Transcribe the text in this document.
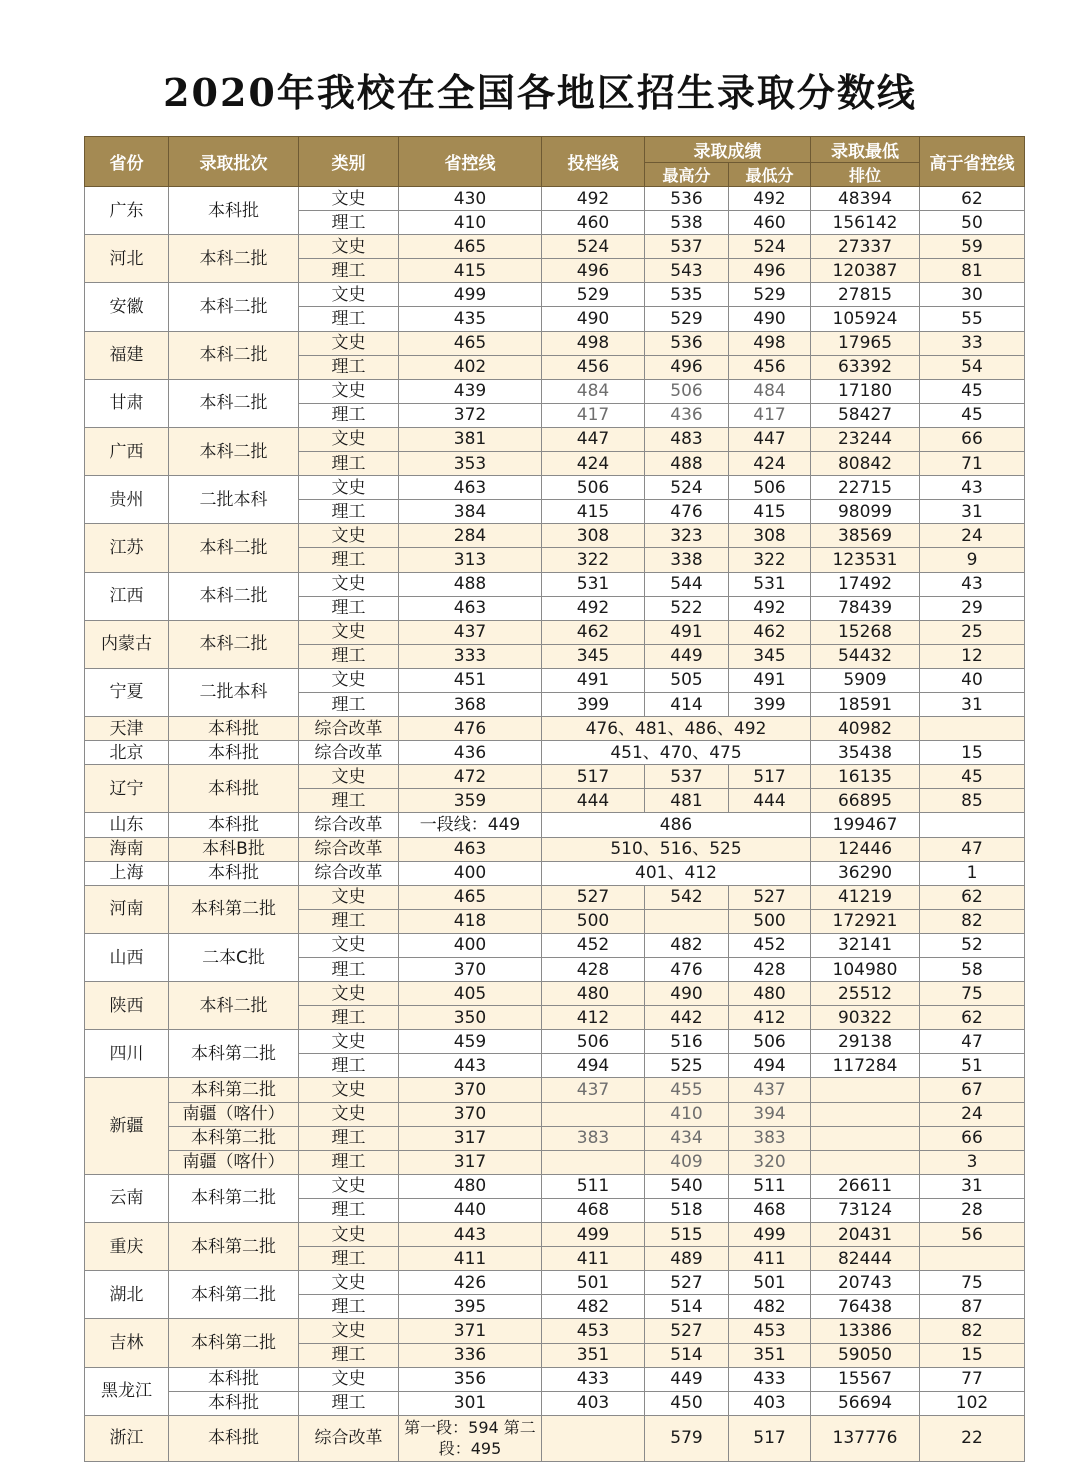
2020年我校在全国各地区招生录取分数线
省份	录取批次	类别	省控线	投档线	录取成绩		录取最低	高于省控线
					最高分	最低分	排位	
广东	本科批	文史	430	492	536	492	48394	62
		理工	410	460	538	460	156142	50
河北	本科二批	文史	465	524	537	524	27337	59
		理工	415	496	543	496	120387	81
安徽	本科二批	文史	499	529	535	529	27815	30
		理工	435	490	529	490	105924	55
福建	本科二批	文史	465	498	536	498	17965	33
		理工	402	456	496	456	63392	54
甘肃	本科二批	文史	439	484	506	484	17180	45
		理工	372	417	436	417	58427	45
广西	本科二批	文史	381	447	483	447	23244	66
		理工	353	424	488	424	80842	71
贵州	二批本科	文史	463	506	524	506	22715	43
		理工	384	415	476	415	98099	31
江苏	本科二批	文史	284	308	323	308	38569	24
		理工	313	322	338	322	123531	9
江西	本科二批	文史	488	531	544	531	17492	43
		理工	463	492	522	492	78439	29
内蒙古	本科二批	文史	437	462	491	462	15268	25
		理工	333	345	449	345	54432	12
宁夏	二批本科	文史	451	491	505	491	5909	40
		理工	368	399	414	399	18591	31
天津	本科批	综合改革	476	476、481、486、492			40982	
北京	本科批	综合改革	436	451、470、475			35438	15
辽宁	本科批	文史	472	517	537	517	16135	45
		理工	359	444	481	444	66895	85
山东	本科批	综合改革	一段线：449	486			199467	
海南	本科B批	综合改革	463	510、516、525			12446	47
上海	本科批	综合改革	400	401、412			36290	1
河南	本科第二批	文史	465	527	542	527	41219	62
		理工	418	500		500	172921	82
山西	二本C批	文史	400	452	482	452	32141	52
		理工	370	428	476	428	104980	58
陕西	本科二批	文史	405	480	490	480	25512	75
		理工	350	412	442	412	90322	62
四川	本科第二批	文史	459	506	516	506	29138	47
		理工	443	494	525	494	117284	51
新疆	本科第二批	文史	370	437	455	437		67
	南疆（喀什）	文史	370		410	394		24
	本科第二批	理工	317	383	434	383		66
	南疆（喀什）	理工	317		409	320		3
云南	本科第二批	文史	480	511	540	511	26611	31
		理工	440	468	518	468	73124	28
重庆	本科第二批	文史	443	499	515	499	20431	56
		理工	411	411	489	411	82444	
湖北	本科第二批	文史	426	501	527	501	20743	75
		理工	395	482	514	482	76438	87
吉林	本科第二批	文史	371	453	527	453	13386	82
		理工	336	351	514	351	59050	15
黑龙江	本科批	文史	356	433	449	433	15567	77
	本科批	理工	301	403	450	403	56694	102
浙江	本科批	综合改革	第一段：594 第二段：495		579	517	137776	22
